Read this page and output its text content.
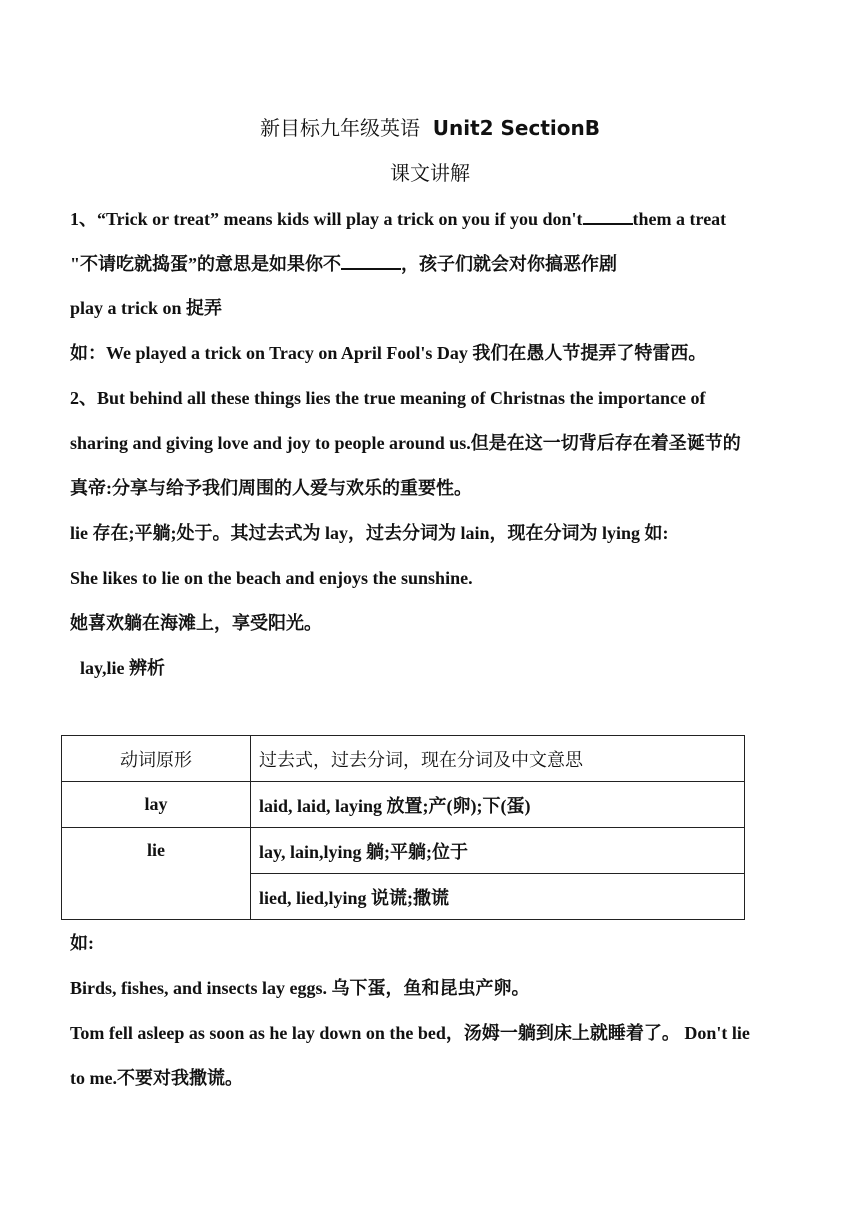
新目标九年级英语 Unit2 SectionB
课文讲解
1、“Trick or treat” means kids will play a trick on you if you don't	them a treat
"不请吃就捣蛋”的意思是如果你不	，孩子们就会对你搞恶作剧
play a trick on 捉弄
如：We played a trick on Tracy on April Fool's Day 我们在愚人节提弄了特雷西。
2、But behind all these things lies the true meaning of Christnas the importance of
sharing and giving love and joy to people around us.但是在这一切背后存在着圣诞节的
真帝:分享与给予我们周围的人爱与欢乐的重要性。
lie 存在;平躺;处于。其过去式为 lay，过去分词为 lain，现在分词为 lying 如:
She likes to lie on the beach and enjoys the sunshine.
她喜欢躺在海滩上，享受阳光。
lay,lie 辨析
动词原形	过去式，过去分词，现在分词及中文意思
lay	laid, laid, laying 放置;产(卵);下(蛋)
lie	lay, lain,lying 躺;平躺;位于
	lied, lied,lying 说谎;撒谎
如:
Birds, fishes, and insects lay eggs. 乌下蛋，鱼和昆虫产卵。
Tom fell asleep as soon as he lay down on the bed，汤姆一躺到床上就睡着了。 Don't lie
to me.不要对我撒谎。
